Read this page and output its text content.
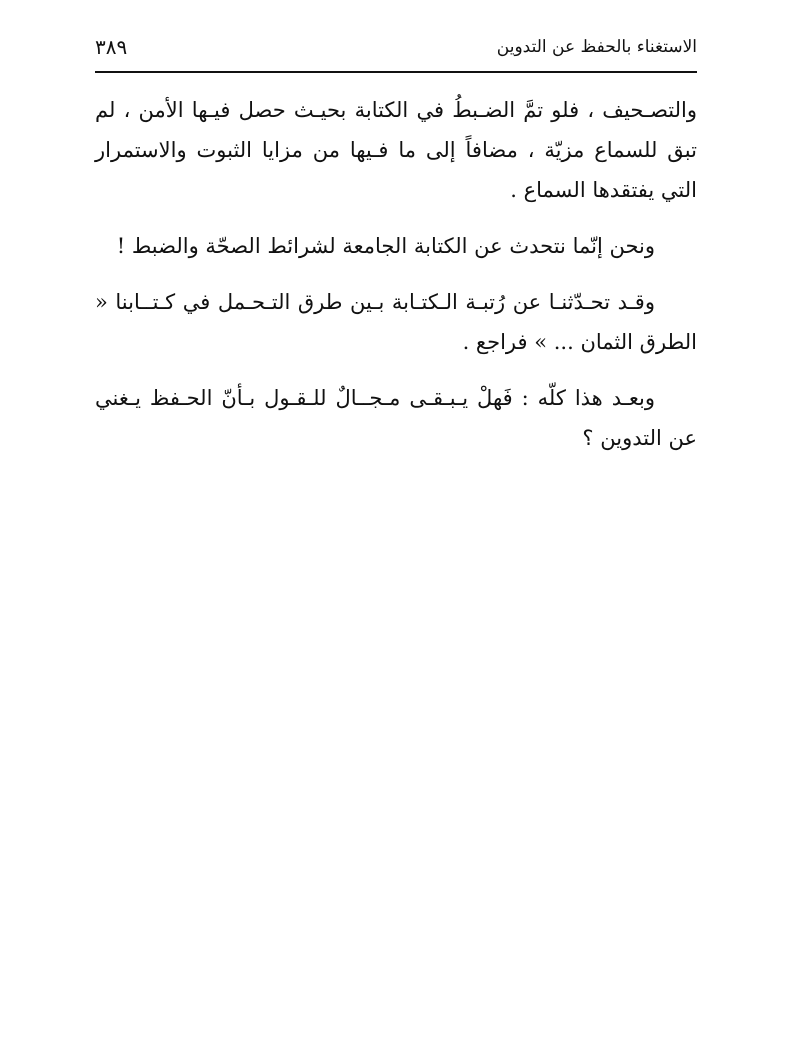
٣٨٩	الاستغناء بالحفظ عن التدوين

والتصـحيف ، فلو تمَّ الضـبطُ في الكتابة بحيـث حصل فيـها الأمن ، لم تبق للسماع مزيّة ، مضافاً إلى ما فـيها من مزايا الثبوت والاستمرار التي يفتقدها السماع .

ونحن إنّما نتحدث عن الكتابة الجامعة لشرائط الصحّة والضبط !

وقـد تحـدّثنـا عن رُتبـة الـكتـابة بـين طرق التـحـمل في كـتــابنا « الطرق الثمان ... » فراجع .

وبعـد هذا كلّه : فَهلْ يـبـقـى مـجــالٌ للـقـول بـأنّ الحـفظ يـغني عن التدوين ؟
